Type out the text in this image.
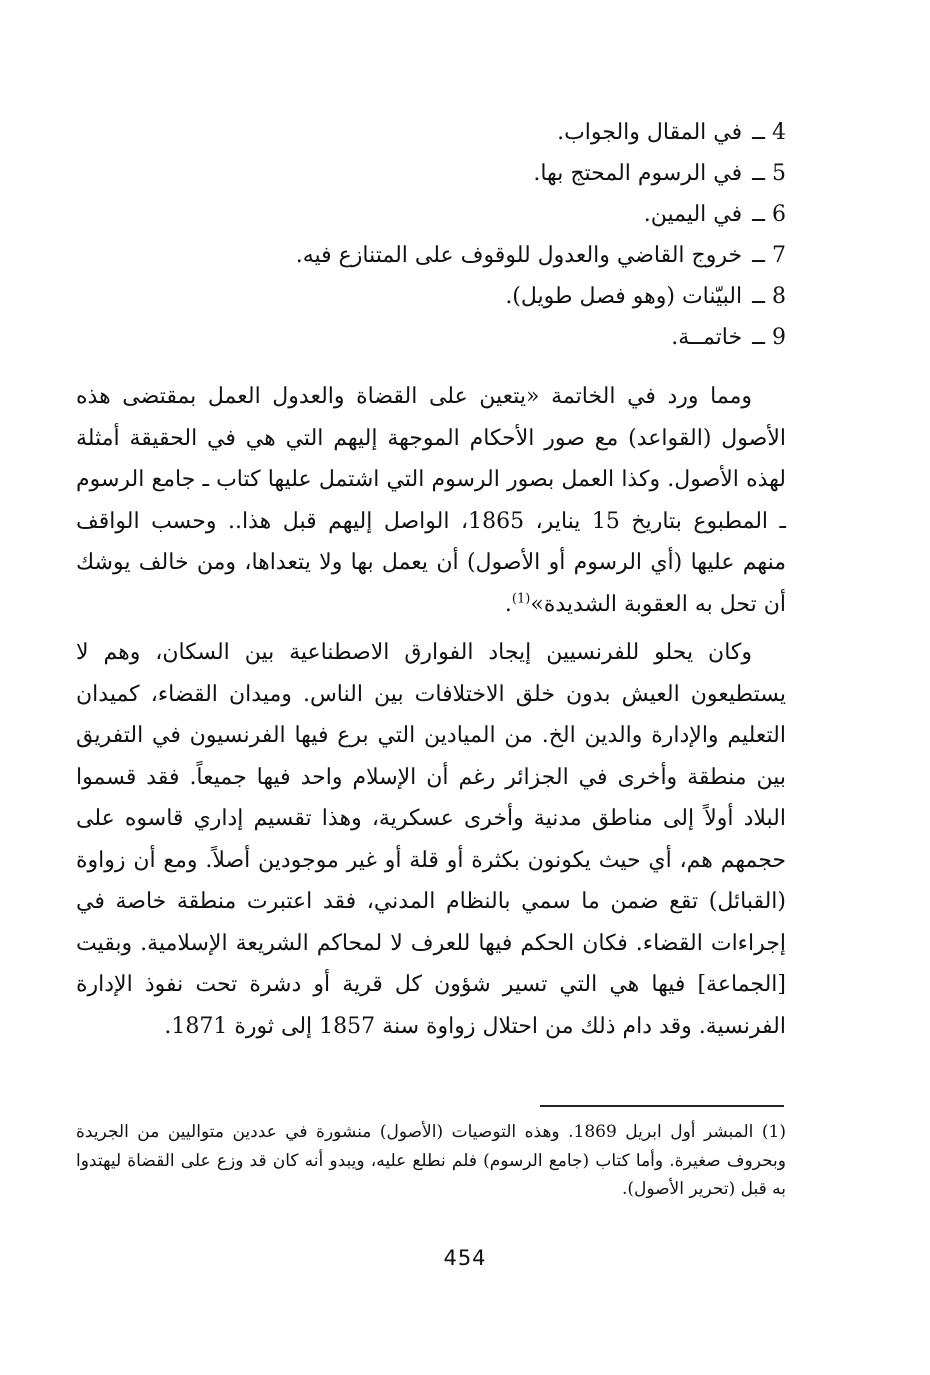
4 ــفي المقال والجواب.
5 ــفي الرسوم المحتج بها.
6 ــفي اليمين.
7 ــخروج القاضي والعدول للوقوف على المتنازع فيه.
8 ــالبيّنات (وهو فصل طويل).
9 ــخاتمــة.

ومما ورد في الخاتمة «يتعين على القضاة والعدول العمل بمقتضى هذه الأصول (القواعد) مع صور الأحكام الموجهة إليهم التي هي في الحقيقة أمثلة لهذه الأصول. وكذا العمل بصور الرسوم التي اشتمل عليها كتاب ـ جامع الرسوم ـ المطبوع بتاريخ 15 يناير، 1865، الواصل إليهم قبل هذا.. وحسب الواقف منهم عليها (أي الرسوم أو الأصول) أن يعمل بها ولا يتعداها، ومن خالف يوشك أن تحل به العقوبة الشديدة»$^{(1)}$.

وكان يحلو للفرنسيين إيجاد الفوارق الاصطناعية بين السكان، وهم لا يستطيعون العيش بدون خلق الاختلافات بين الناس. وميدان القضاء، كميدان التعليم والإدارة والدين الخ. من الميادين التي برع فيها الفرنسيون في التفريق بين منطقة وأخرى في الجزائر رغم أن الإسلام واحد فيها جميعاً. فقد قسموا البلاد أولاً إلى مناطق مدنية وأخرى عسكرية، وهذا تقسيم إداري قاسوه على حجمهم هم، أي حيث يكونون بكثرة أو قلة أو غير موجودين أصلاً. ومع أن زواوة (القبائل) تقع ضمن ما سمي بالنظام المدني، فقد اعتبرت منطقة خاصة في إجراءات القضاء. فكان الحكم فيها للعرف لا لمحاكم الشريعة الإسلامية. وبقيت [الجماعة] فيها هي التي تسير شؤون كل قرية أو دشرة تحت نفوذ الإدارة الفرنسية. وقد دام ذلك من احتلال زواوة سنة 1857 إلى ثورة 1871.

(1) المبشر أول ابريل 1869. وهذه التوصيات (الأصول) منشورة في عددين متواليين من الجريدة وبحروف صغيرة. وأما كتاب (جامع الرسوم) فلم نطلع عليه، ويبدو أنه كان قد وزع على القضاة ليهتدوا به قبل (تحرير الأصول).

454
